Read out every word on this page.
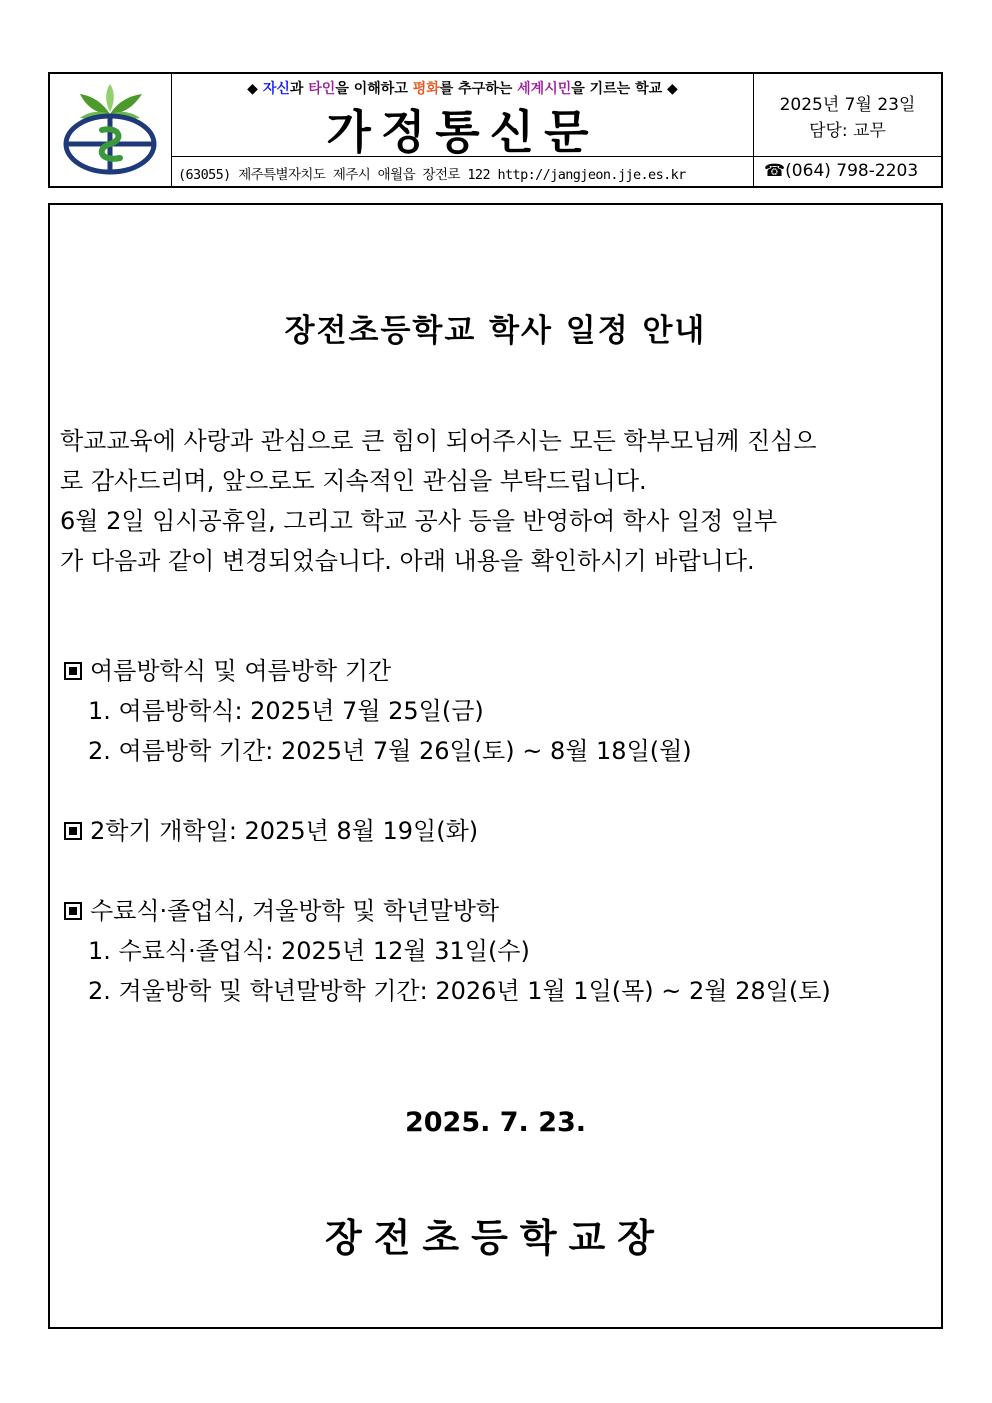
◆ 자신과 타인을 이해하고 평화를 추구하는 세계시민을 기르는 학교 ◆
가정통신문
(63055) 제주특별자치도 제주시 애월읍 장전로 122 http://jangjeon.jje.es.kr
2025년 7월 23일
담당: 교무
☎(064) 798-2203
장전초등학교 학사 일정 안내
학교교육에 사랑과 관심으로 큰 힘이 되어주시는 모든 학부모님께 진심으
로 감사드리며, 앞으로도 지속적인 관심을 부탁드립니다.
6월 2일 임시공휴일, 그리고 학교 공사 등을 반영하여 학사 일정 일부
가 다음과 같이 변경되었습니다. 아래 내용을 확인하시기 바랍니다.
여름방학식 및 여름방학 기간
1. 여름방학식: 2025년 7월 25일(금)
2. 여름방학 기간: 2025년 7월 26일(토) ~ 8월 18일(월)
2학기 개학일: 2025년 8월 19일(화)
수료식·졸업식, 겨울방학 및 학년말방학
1. 수료식·졸업식: 2025년 12월 31일(수)
2. 겨울방학 및 학년말방학 기간: 2026년 1월 1일(목) ~ 2월 28일(토)
2025. 7. 23.
장전초등학교장
